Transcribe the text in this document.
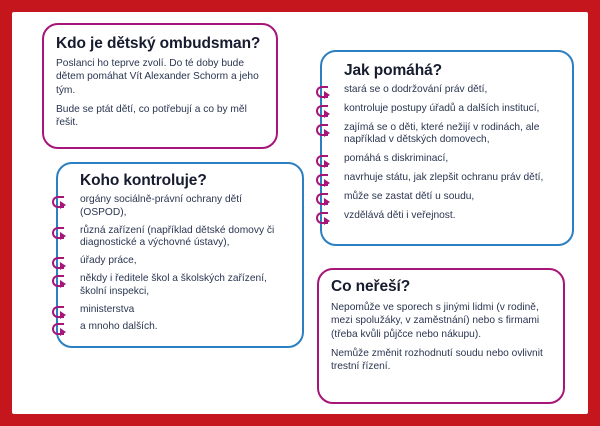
Kdo je dětský ombudsman?

Poslanci ho teprve zvolí. Do té doby bude dětem pomáhat Vít Alexander Schorm a jeho tým.

Bude se ptát dětí, co potřebují a co by měl řešit.

Jak pomáhá?
stará se o dodržování práv dětí,
kontroluje postupy úřadů a dalších institucí,
zajímá se o děti, které nežijí v rodinách, ale například v dětských domovech,
pomáhá s diskriminací,
navrhuje státu, jak zlepšit ochranu práv dětí,
může se zastat dětí u soudu,
vzdělává děti i veřejnost.
Koho kontroluje?
orgány sociálně-právní ochrany dětí (OSPOD),
různá zařízení (například dětské domovy či diagnostické a výchovné ústavy),
úřady práce,
někdy i ředitele škol a školských zařízení, školní inspekci,
ministerstva
a mnoho dalších.
Co neřeší?

Nepomůže ve sporech s jinými lidmi (v rodině, mezi spolužáky, v zaměstnání) nebo s firmami (třeba kvůli půjčce nebo nákupu).

Nemůže změnit rozhodnutí soudu nebo ovlivnit trestní řízení.
